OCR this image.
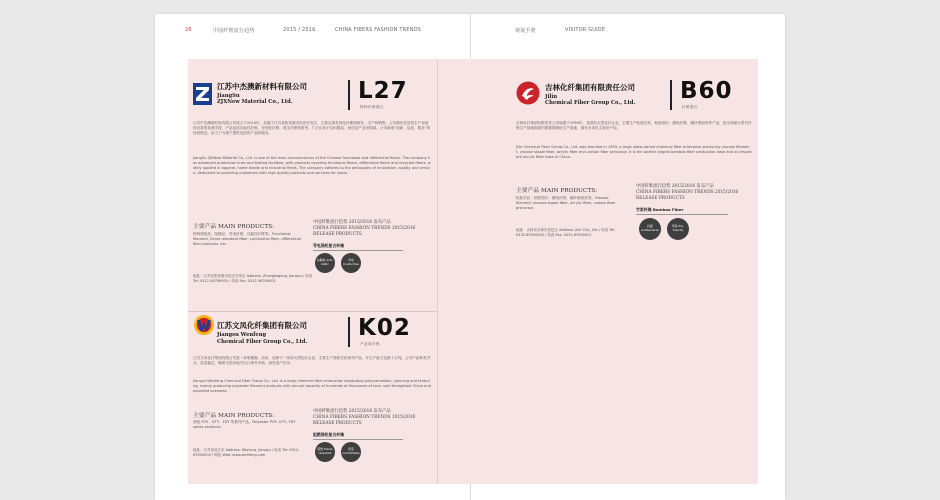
26	中国纤维流行趋势	2015 / 2016	CHINA FIBERS FASHION TRENDS	观展手册	VISITOR GUIDE
江苏中杰澳新材料有限公司
JiangSu
ZJXNew Material Co., Ltd.	L27
特种纤维展区
江苏中杰澳新材料有限公司成立于2010年，坐落于江苏省张家港市经济开发区，主要从事差别化纤维的研发、生产和销售。公司拥有先进的生产设备和完善的检测手段，产品包括功能性纤维、差别化纤维、再生纤维等系列，广泛应用于纺织服装、家纺及产业用领域。公司秉承“创新、品质、服务”的经营理念，致力于为客户提供优质的产品和服务。
JiangSu ZJXNew Material Co., Ltd. is one of the main manufacturers of the Chinese functional and differential fibers. The company has advanced production lines and testing facilities, with products covering functional fibers, differential fibers and recycled fibers, widely applied in apparel, home textile and industrial fields. The company adheres to the philosophy of innovation, quality and service, dedicated to providing customers with high quality products and services for years.
主要产品 MAIN PRODUCTS:
特种涤纶丝、阻燃丝、导电纤维、功能性纤维等。Functional filament, flame retardant fiber, conductive fiber, differential fiber products, etc.
中国纤维流行趋势 2015/2016 发布产品
CHINA FIBERS FASHION TRENDS 2015/2016
RELEASE PRODUCTS
导电涤纶复合纤维
抗静电 Anti-static
导电 Conductive
地址：江苏省张家港市经济开发区 Address: Zhangjiagang, Jiangsu / 电话 Tel: 0512-56789000 / 传真 Fax: 0512-56789001
江苏文凤化纤集团有限公司
Jiangsu Wenfeng
Chemical Fiber Group Co., Ltd.
K02
产业用纤维
江苏文凤化纤集团有限公司是一家集聚酯、纺丝、加弹于一体的大型化纤企业，主要生产涤纶长丝系列产品，年生产能力达数十万吨。公司产品种类齐全，质量稳定，畅销全国各地并出口海外市场，深受客户好评。
Jiangsu Wenfeng Chemical Fiber Group Co., Ltd. is a large chemical fiber enterprise integrating polymerization, spinning and texturing, mainly producing polyester filament products with annual capacity of hundreds of thousands of tons, sold throughout China and exported overseas.
主要产品 MAIN PRODUCTS:
涤纶 POY、DTY、FDY 等系列产品。Polyester POY, DTY, FDY series products.
中国纤维流行趋势 2015/2016 发布产品
CHINA FIBERS FASHION TRENDS 2015/2016
RELEASE PRODUCTS
阻燃涤纶复合纤维
阻燃 Flame retardant
舒适 Comfortable
地址：江苏省吴江市 Address: Wujiang, Jiangsu / 电话 Tel: 0512-63000000 / 网址 Web: www.wenfeng.com
吉林化纤集团有限责任公司
Jilin
Chemical Fiber Group Co., Ltd. B60
纤维展区
吉林化纤集团有限责任公司始建于1959年，是国有大型化纤企业，主要生产粘胶长丝、粘胶短纤、腈纶纤维、碳纤维原丝等产品，是全球最大的竹纤维生产基地和国内重要的腈纶生产基地，拥有多项自主知识产权。
Jilin Chemical Fiber Group Co., Ltd. was founded in 1959, a large state-owned chemical fiber enterprise producing viscose filament, viscose staple fiber, acrylic fiber and carbon fiber precursor. It is the world's largest bamboo fiber production base and an important acrylic fiber base in China.
主要产品 MAIN PRODUCTS:
粘胶长丝、粘胶短纤、腈纶纤维、碳纤维原丝等。Viscose filament, viscose staple fiber, acrylic fiber, carbon fiber precursor.
地址：吉林省吉林市昌邑区 Address: Jilin City, Jilin / 电话 Tel: 0432-63500000 / 传真 Fax: 0432-63500001
中国纤维流行趋势 2015/2016 发布产品
CHINA FIBERS FASHION TRENDS 2015/2016
RELEASE PRODUCTS
竹浆纤维 Bamboo Fiber
抗菌 Antibacterial
环保 Eco-friendly
